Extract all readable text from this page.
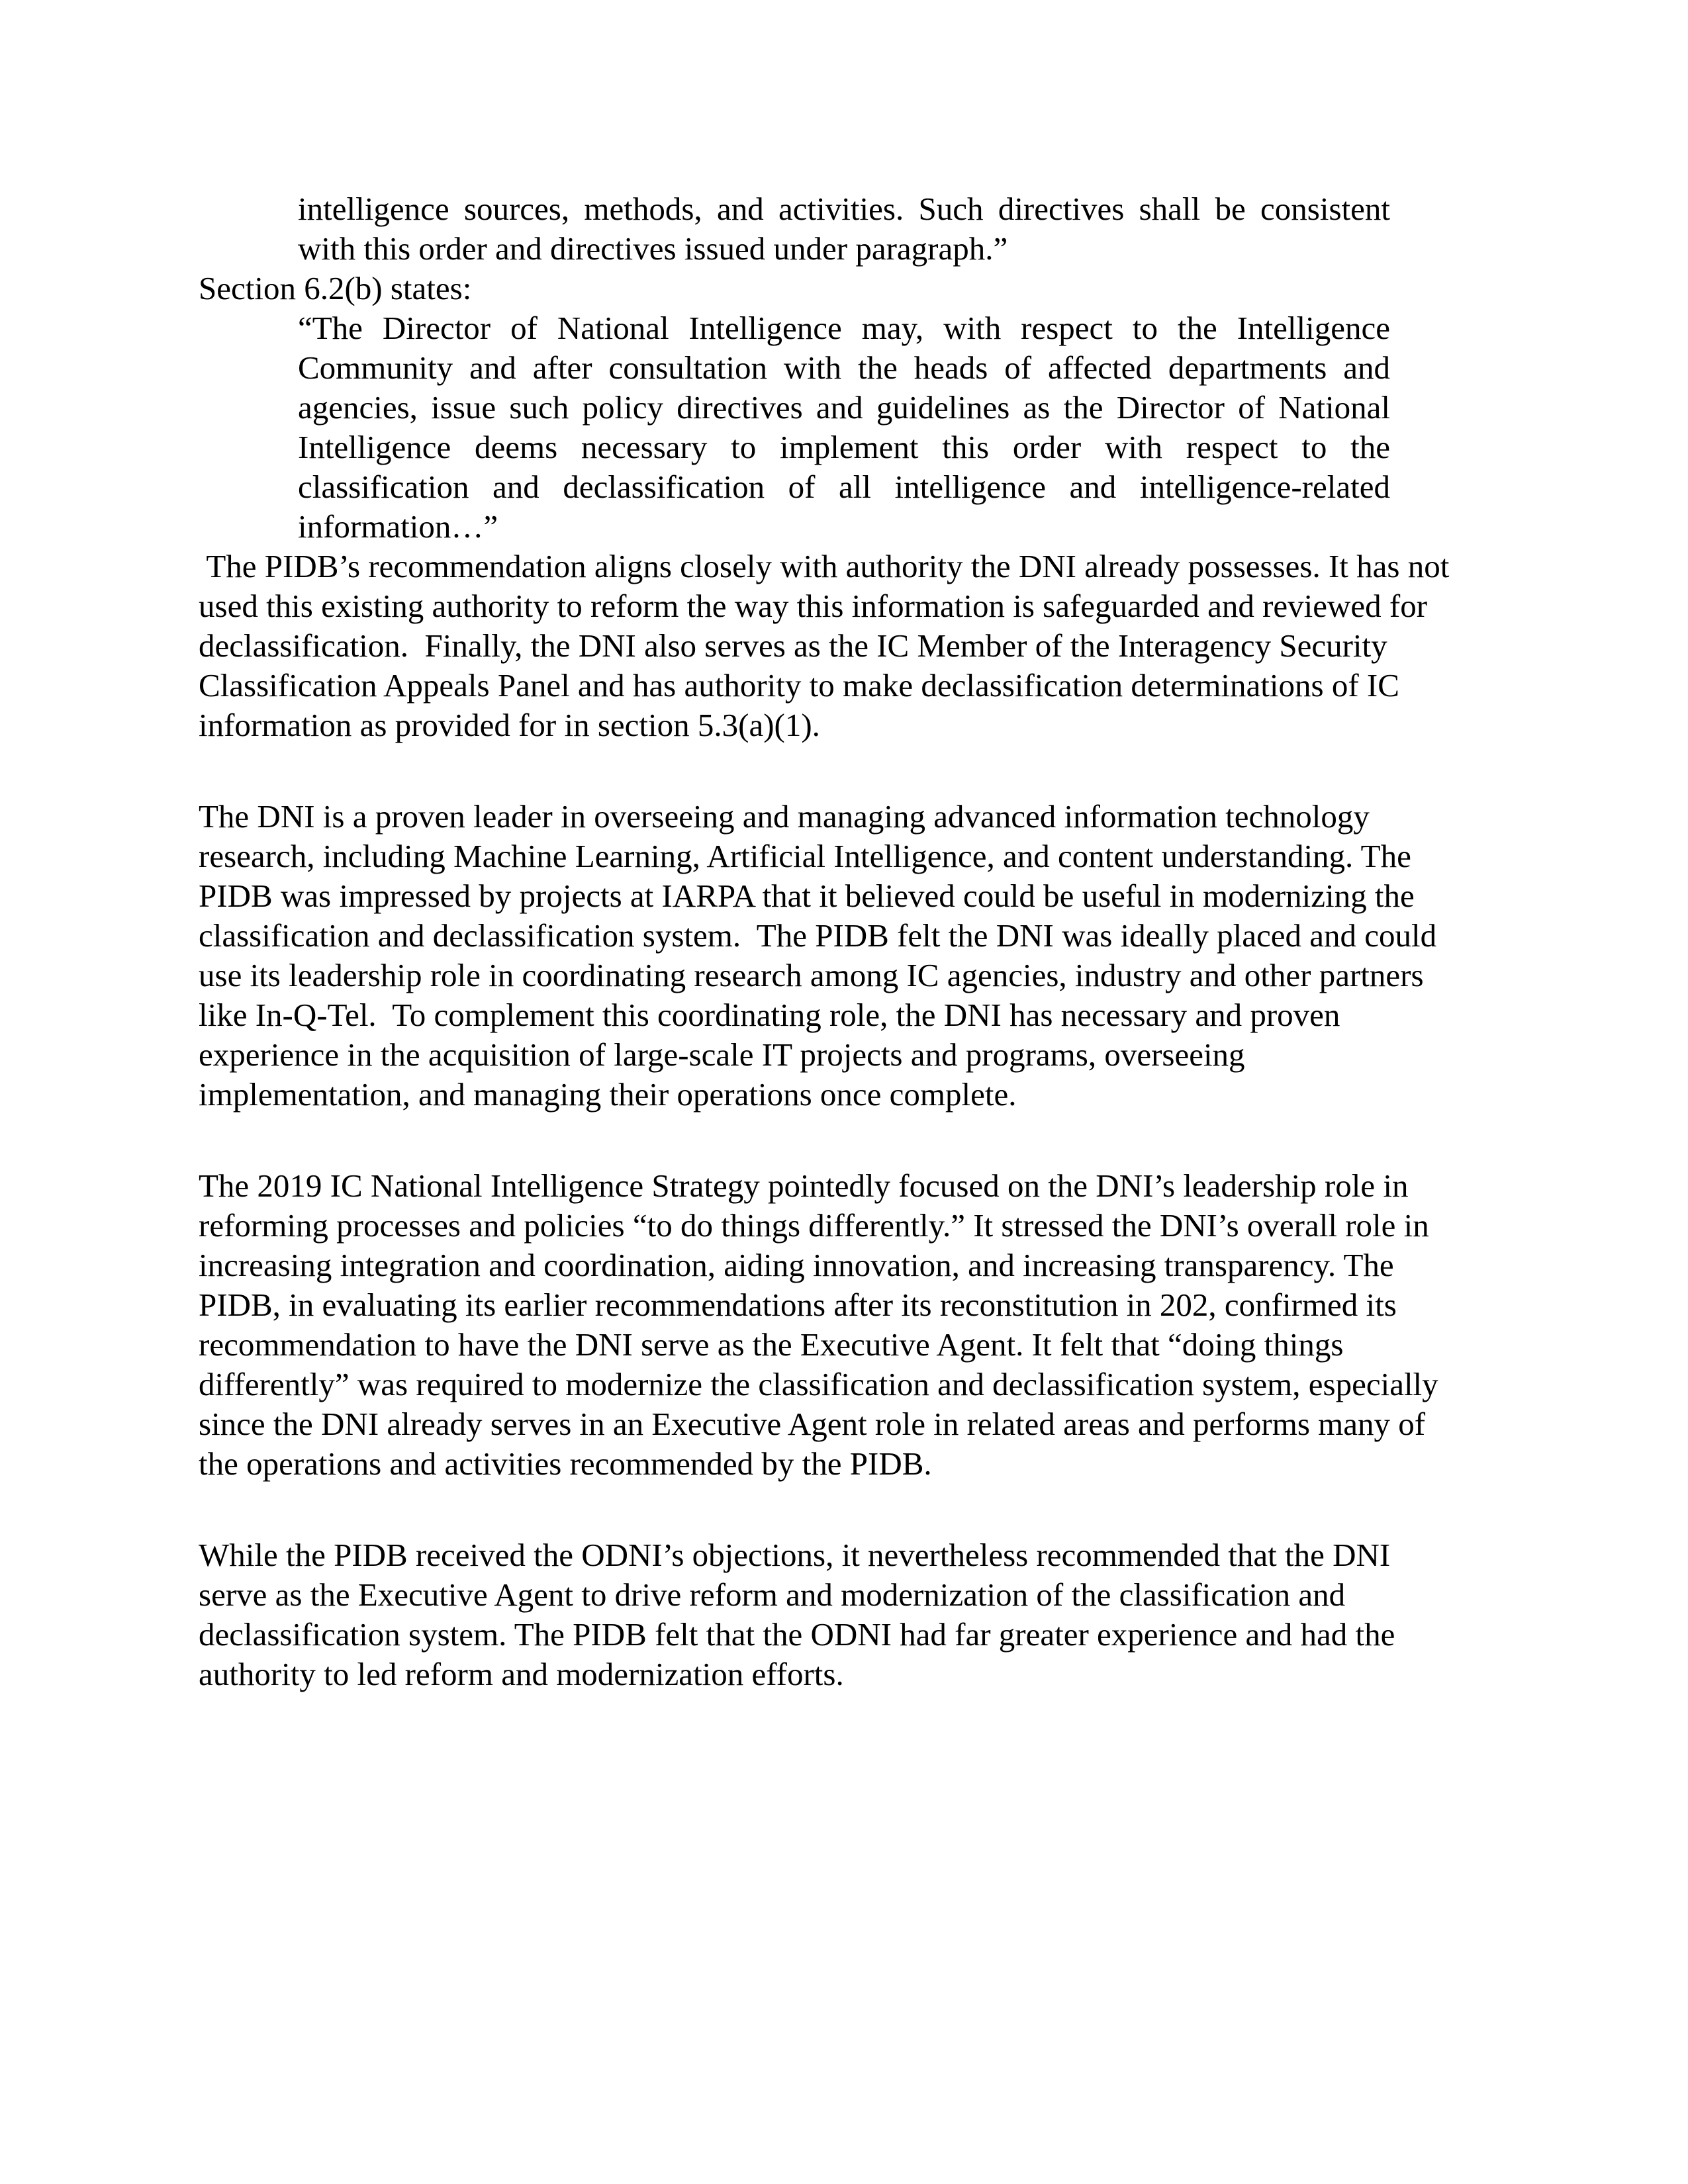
intelligence sources, methods, and activities. Such directives shall be consistent
with this order and directives issued under paragraph.”
Section 6.2(b) states:
“The Director of National Intelligence may, with respect to the Intelligence
Community and after consultation with the heads of affected departments and
agencies, issue such policy directives and guidelines as the Director of National
Intelligence deems necessary to implement this order with respect to the
classification and declassification of all intelligence and intelligence-related
information…”
The PIDB’s recommendation aligns closely with authority the DNI already possesses. It has not
used this existing authority to reform the way this information is safeguarded and reviewed for
declassification.  Finally, the DNI also serves as the IC Member of the Interagency Security
Classification Appeals Panel and has authority to make declassification determinations of IC
information as provided for in section 5.3(a)(1).
The DNI is a proven leader in overseeing and managing advanced information technology
research, including Machine Learning, Artificial Intelligence, and content understanding. The
PIDB was impressed by projects at IARPA that it believed could be useful in modernizing the
classification and declassification system.  The PIDB felt the DNI was ideally placed and could
use its leadership role in coordinating research among IC agencies, industry and other partners
like In-Q-Tel.  To complement this coordinating role, the DNI has necessary and proven
experience in the acquisition of large-scale IT projects and programs, overseeing
implementation, and managing their operations once complete.
The 2019 IC National Intelligence Strategy pointedly focused on the DNI’s leadership role in
reforming processes and policies “to do things differently.” It stressed the DNI’s overall role in
increasing integration and coordination, aiding innovation, and increasing transparency. The
PIDB, in evaluating its earlier recommendations after its reconstitution in 202, confirmed its
recommendation to have the DNI serve as the Executive Agent. It felt that “doing things
differently” was required to modernize the classification and declassification system, especially
since the DNI already serves in an Executive Agent role in related areas and performs many of
the operations and activities recommended by the PIDB.
While the PIDB received the ODNI’s objections, it nevertheless recommended that the DNI
serve as the Executive Agent to drive reform and modernization of the classification and
declassification system. The PIDB felt that the ODNI had far greater experience and had the
authority to led reform and modernization efforts.
